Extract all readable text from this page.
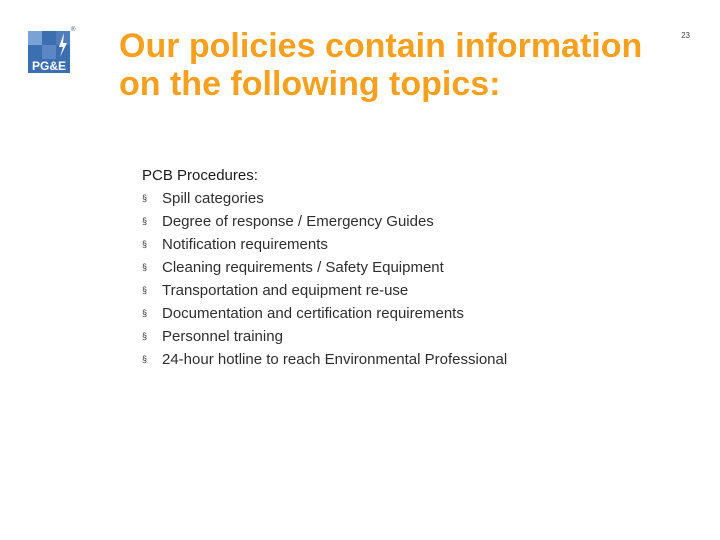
PG&E
® Our policies contain information on the following topics:
23

PCB Procedures:

§ Spill categories
§ Degree of response / Emergency Guides
§ Notification requirements
§ Cleaning requirements / Safety Equipment
§ Transportation and equipment re-use
§ Documentation and certification requirements
§ Personnel training
§ 24-hour hotline to reach Environmental Professional
